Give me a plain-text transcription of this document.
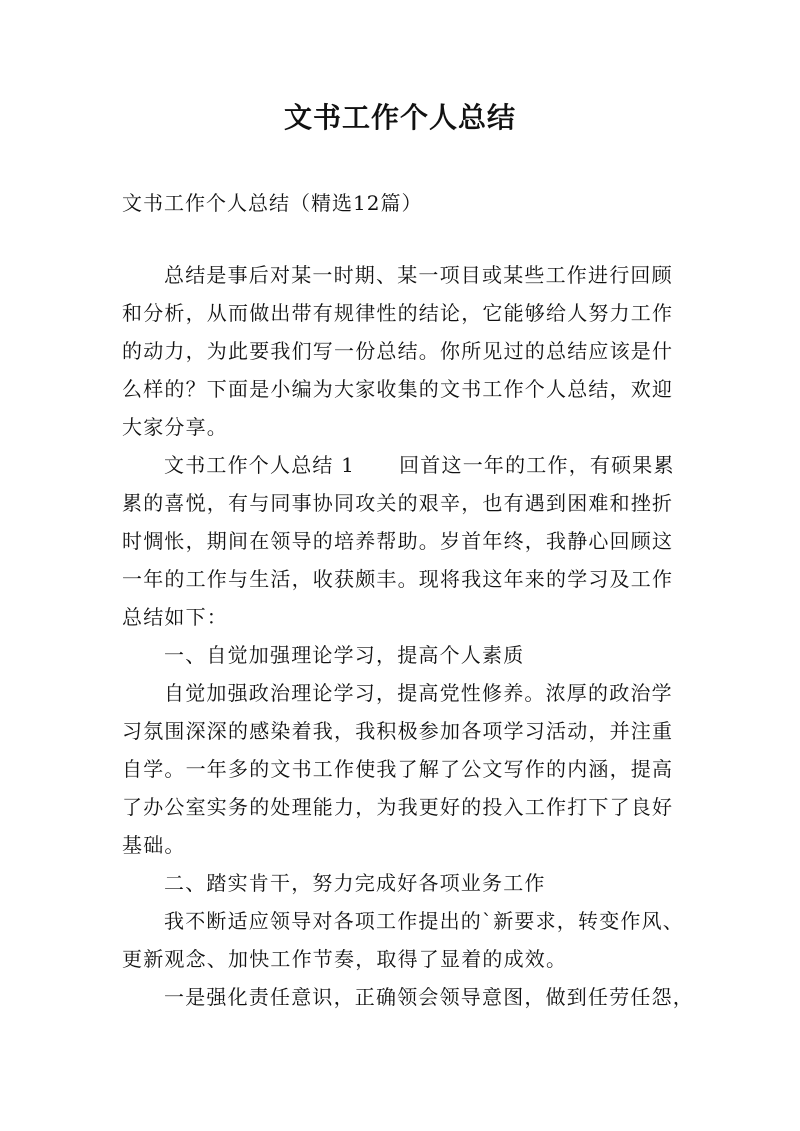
文书工作个人总结
文书工作个人总结（精选12篇）
总结是事后对某一时期、某一项目或某些工作进行回顾
和分析，从而做出带有规律性的结论，它能够给人努力工作
的动力，为此要我们写一份总结。你所见过的总结应该是什
么样的？下面是小编为大家收集的文书工作个人总结，欢迎
大家分享。
文书工作个人总结 1 回首这一年的工作，有硕果累
累的喜悦，有与同事协同攻关的艰辛，也有遇到困难和挫折
时惆怅，期间在领导的培养帮助。岁首年终，我静心回顾这
一年的工作与生活，收获颇丰。现将我这年来的学习及工作
总结如下：
一、自觉加强理论学习，提高个人素质
自觉加强政治理论学习，提高党性修养。浓厚的政治学
习氛围深深的感染着我，我积极参加各项学习活动，并注重
自学。一年多的文书工作使我了解了公文写作的内涵，提高
了办公室实务的处理能力，为我更好的投入工作打下了良好
基础。
二、踏实肯干，努力完成好各项业务工作
我不断适应领导对各项工作提出的`新要求，转变作风、
更新观念、加快工作节奏，取得了显着的成效。
一是强化责任意识，正确领会领导意图，做到任劳任怨，
